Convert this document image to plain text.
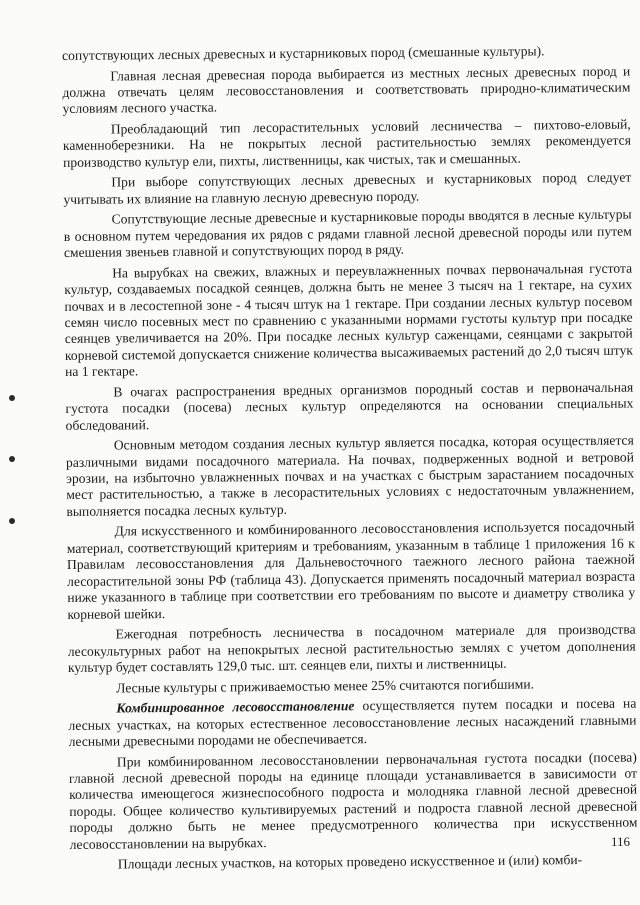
сопутствующих лесных древесных и кустарниковых пород (смешанные культуры).

Главная лесная древесная порода выбирается из местных лесных древесных пород и должна отвечать целям лесовосстановления и соответствовать природно-климатическим условиям лесного участка.

Преобладающий тип лесорастительных условий лесничества – пихтово-еловый, каменноберезники. На не покрытых лесной растительностью землях рекомендуется производство культур ели, пихты, лиственницы, как чистых, так и смешанных.

При выборе сопутствующих лесных древесных и кустарниковых пород следует учитывать их влияние на главную лесную древесную породу.

Сопутствующие лесные древесные и кустарниковые породы вводятся в лесные культуры в основном путем чередования их рядов с рядами главной лесной древесной породы или путем смешения звеньев главной и сопутствующих пород в ряду.

На вырубках на свежих, влажных и переувлажненных почвах первоначальная густота культур, создаваемых посадкой сеянцев, должна быть не менее 3 тысяч на 1 гектаре, на сухих почвах и в лесостепной зоне - 4 тысяч штук на 1 гектаре. При создании лесных культур посевом семян число посевных мест по сравнению с указанными нормами густоты культур при посадке сеянцев увеличивается на 20%. При посадке лесных культур саженцами, сеянцами с закрытой корневой системой допускается снижение количества высаживаемых растений до 2,0 тысяч штук на 1 гектаре.

В очагах распространения вредных организмов породный состав и первоначальная густота посадки (посева) лесных культур определяются на основании специальных обследований.

Основным методом создания лесных культур является посадка, которая осуществляется различными видами посадочного материала. На почвах, подверженных водной и ветровой эрозии, на избыточно увлажненных почвах и на участках с быстрым зарастанием посадочных мест растительностью, а также в лесорастительных условиях с недостаточным увлажнением, выполняется посадка лесных культур.

Для искусственного и комбинированного лесовосстановления используется посадочный материал, соответствующий критериям и требованиям, указанным в таблице 1 приложения 16 к Правилам лесовосстановления для Дальневосточного таежного лесного района таежной лесорастительной зоны РФ (таблица 43). Допускается применять посадочный материал возраста ниже указанного в таблице при соответствии его требованиям по высоте и диаметру стволика у корневой шейки.

Ежегодная потребность лесничества в посадочном материале для производства лесокультурных работ на непокрытых лесной растительностью землях с учетом дополнения культур будет составлять 129,0 тыс. шт. сеянцев ели, пихты и лиственницы.

Лесные культуры с приживаемостью менее 25% считаются погибшими.

Комбинированное лесовосстановление осуществляется путем посадки и посева на лесных участках, на которых естественное лесовосстановление лесных насаждений главными лесными древесными породами не обеспечивается.

При комбинированном лесовосстановлении первоначальная густота посадки (посева) главной лесной древесной породы на единице площади устанавливается в зависимости от количества имеющегося жизнеспособного подроста и молодняка главной лесной древесной породы. Общее количество культивируемых растений и подроста главной лесной древесной породы должно быть не менее предусмотренного количества при искусственном лесовосстановлении на вырубках.

Площади лесных участков, на которых проведено искусственное и (или) комби-

116
